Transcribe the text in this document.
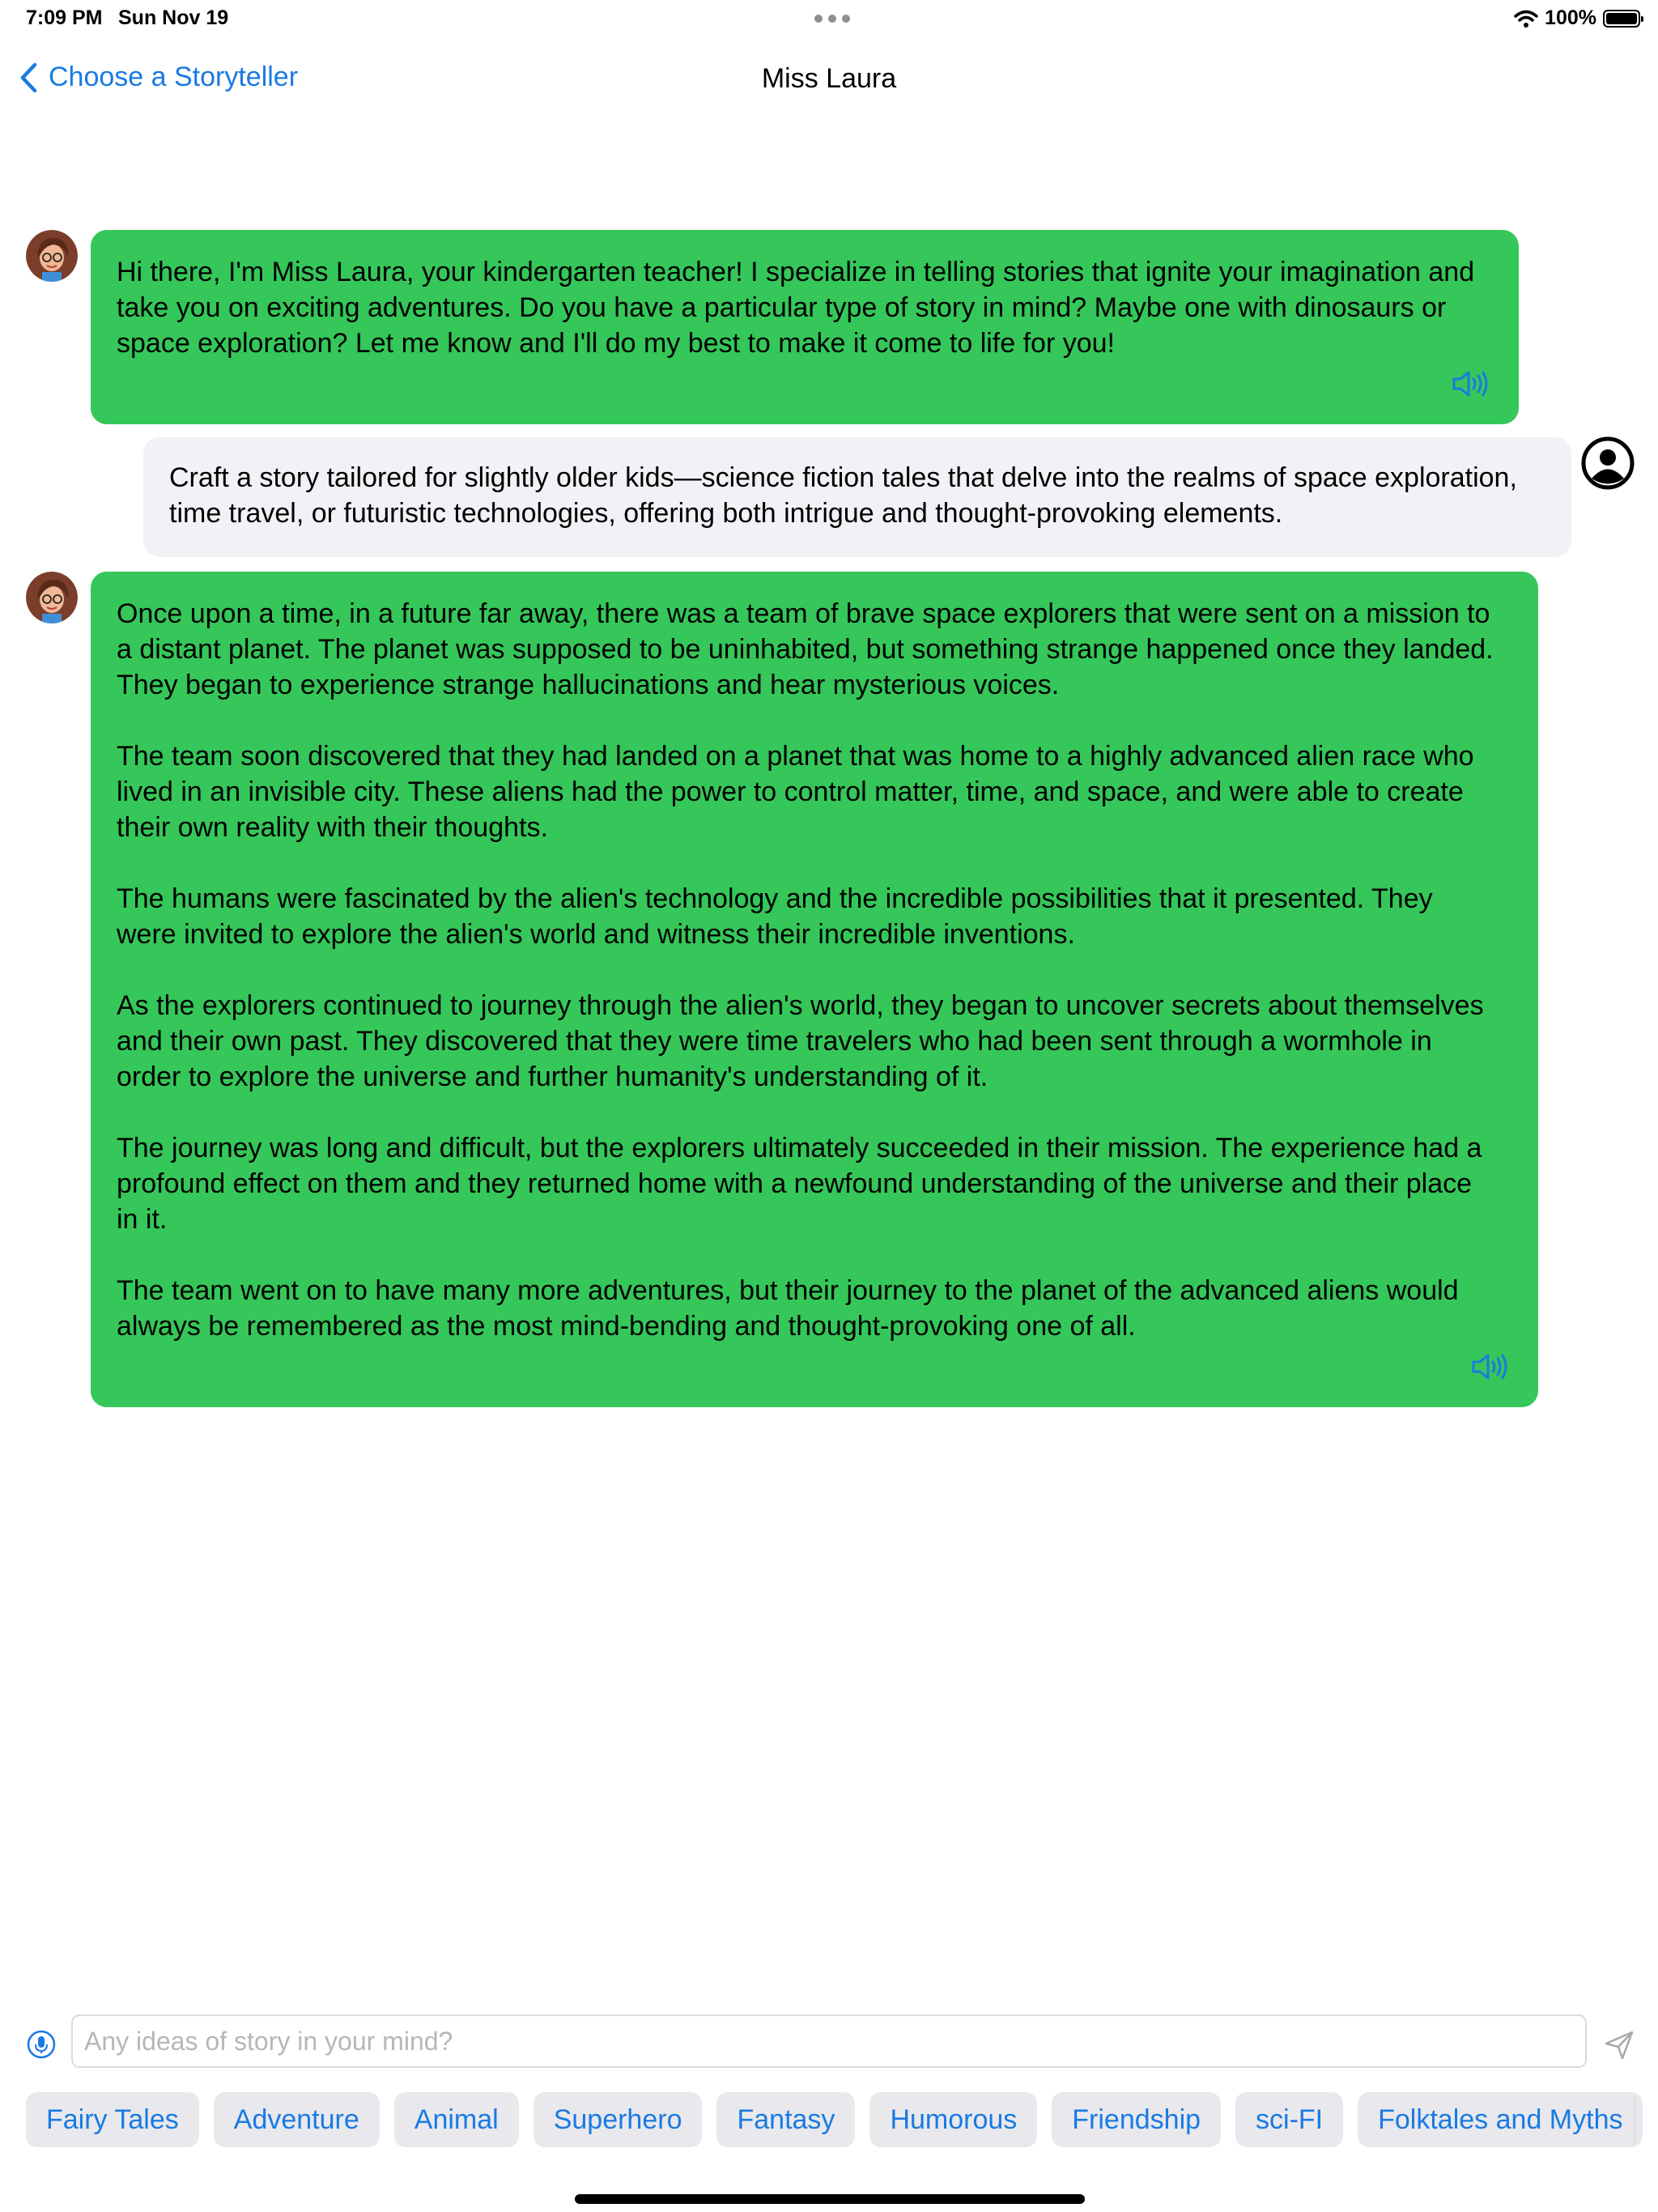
7:09 PM Sun Nov 19	100%
Choose a Storyteller	Miss Laura

Hi there, I'm Miss Laura, your kindergarten teacher! I specialize in telling stories that ignite your imagination and
take you on exciting adventures. Do you have a particular type of story in mind? Maybe one with dinosaurs or
space exploration? Let me know and I'll do my best to make it come to life for you!

Craft a story tailored for slightly older kids—science fiction tales that delve into the realms of space exploration,
time travel, or futuristic technologies, offering both intrigue and thought-provoking elements.

Once upon a time, in a future far away, there was a team of brave space explorers that were sent on a mission to
a distant planet. The planet was supposed to be uninhabited, but something strange happened once they landed.
They began to experience strange hallucinations and hear mysterious voices.

The team soon discovered that they had landed on a planet that was home to a highly advanced alien race who
lived in an invisible city. These aliens had the power to control matter, time, and space, and were able to create
their own reality with their thoughts.

The humans were fascinated by the alien's technology and the incredible possibilities that it presented. They
were invited to explore the alien's world and witness their incredible inventions.

As the explorers continued to journey through the alien's world, they began to uncover secrets about themselves
and their own past. They discovered that they were time travelers who had been sent through a wormhole in
order to explore the universe and further humanity's understanding of it.

The journey was long and difficult, but the explorers ultimately succeeded in their mission. The experience had a
profound effect on them and they returned home with a newfound understanding of the universe and their place
in it.

The team went on to have many more adventures, but their journey to the planet of the advanced aliens would
always be remembered as the most mind-bending and thought-provoking one of all.

Any ideas of story in your mind?
Fairy Tales	Adventure	Animal	Superhero	Fantasy	Humorous	Friendship	sci-FI	Folktales and Myths
